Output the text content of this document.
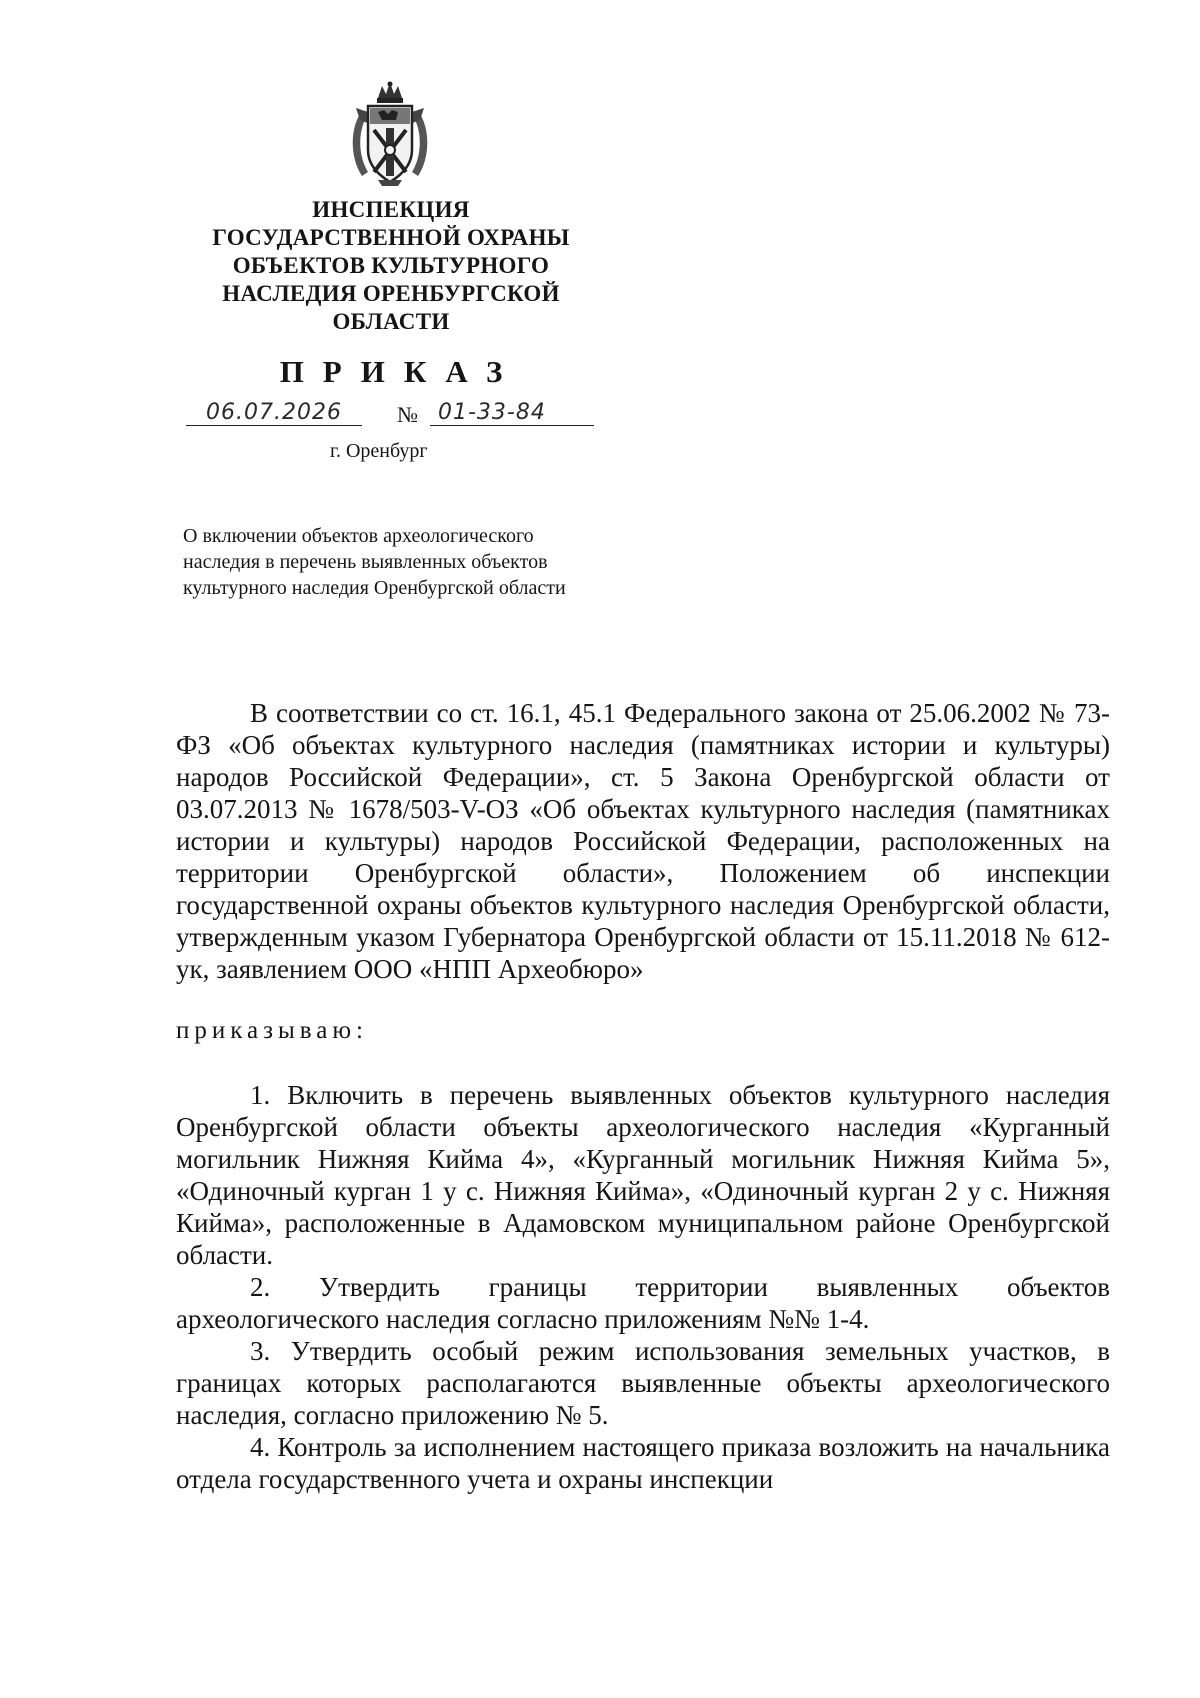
ИНСПЕКЦИЯ
ГОСУДАРСТВЕННОЙ ОХРАНЫ
ОБЪЕКТОВ КУЛЬТУРНОГО
НАСЛЕДИЯ ОРЕНБУРГСКОЙ
ОБЛАСТИ
ПРИКАЗ
06.07.2026	№ 01-33-84
г. Оренбург
О включении объектов археологического наследия в перечень выявленных объектов культурного наследия Оренбургской области

В соответствии со ст. 16.1, 45.1 Федерального закона от 25.06.2002 № 73-ФЗ «Об объектах культурного наследия (памятниках истории и культуры) народов Российской Федерации», ст. 5 Закона Оренбургской области от 03.07.2013 № 1678/503-V-ОЗ «Об объектах культурного наследия (памятниках истории и культуры) народов Российской Федерации, расположенных на территории Оренбургской области», Положением об инспекции государственной охраны объектов культурного наследия Оренбургской области, утвержденным указом Губернатора Оренбургской области от 15.11.2018 № 612-ук, заявлением ООО «НПП Археобюро»

приказываю:

1. Включить в перечень выявленных объектов культурного наследия Оренбургской области объекты археологического наследия «Курганный могильник Нижняя Кийма 4», «Курганный могильник Нижняя Кийма 5», «Одиночный курган 1 у с. Нижняя Кийма», «Одиночный курган 2 у с. Нижняя Кийма», расположенные в Адамовском муниципальном районе Оренбургской области.

2. Утвердить границы территории выявленных объектов археологического наследия согласно приложениям №№ 1-4.

3. Утвердить особый режим использования земельных участков, в границах которых располагаются выявленные объекты археологического наследия, согласно приложению № 5.

4. Контроль за исполнением настоящего приказа возложить на начальника отдела государственного учета и охраны инспекции
